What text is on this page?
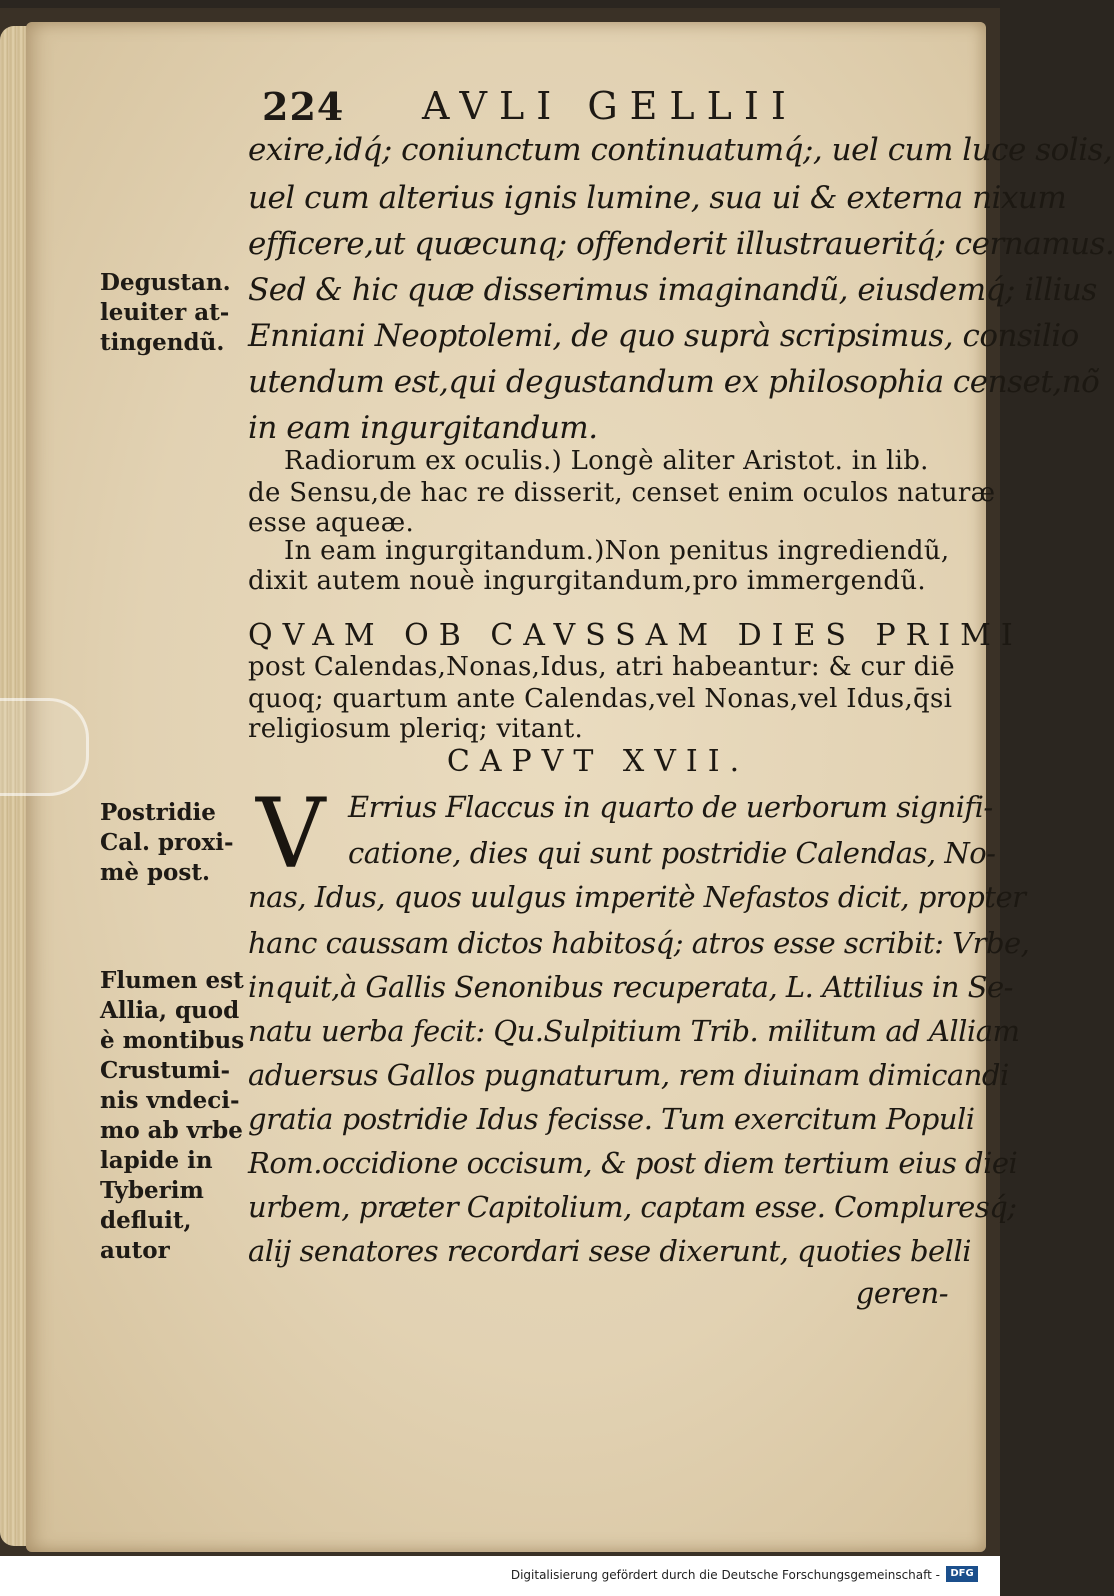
224 AVLI GELLII
exire,idq́; coniunctum continuatumq́;, uel cum luce solis,
uel cum alterius ignis lumine, sua ui & externa nixum
efficere,ut quæcunq; offenderit illustraueritq́; cernamus.
Sed & hic quæ disserimus imaginandũ, eiusdemq́; illius
Enniani Neoptolemi, de quo suprà scripsimus, consilio
utendum est,qui degustandum ex philosophia censet,nõ
in eam ingurgitandum.
Radiorum ex oculis.) Longè aliter Aristot. in lib.
de Sensu,de hac re disserit, censet enim oculos naturæ
esse aqueæ.
In eam ingurgitandum.)Non penitus ingrediendũ,
dixit autem nouè ingurgitandum,pro immergendũ.
QVAM OB CAVSSAM DIES PRIMI
post Calendas,Nonas,Idus, atri habeantur: & cur diē
quoq; quartum ante Calendas,vel Nonas,vel Idus,q̄si
religiosum pleriq; vitant.
CAPVT XVII.
V Errius Flaccus in quarto de uerborum signifi-
catione, dies qui sunt postridie Calendas, No-
nas, Idus, quos uulgus imperitè Nefastos dicit, propter
hanc caussam dictos habitosq́; atros esse scribit: Vrbe,
inquit,à Gallis Senonibus recuperata, L. Attilius in Se-
natu uerba fecit: Qu.Sulpitium Trib. militum ad Alliam
aduersus Gallos pugnaturum, rem diuinam dimicandi
gratia postridie Idus fecisse. Tum exercitum Populi
Rom.occidione occisum, & post diem tertium eius diei
urbem, præter Capitolium, captam esse. Compluresq́;
alij senatores recordari sese dixerunt, quoties belli
geren-
Degustan.
leuiter at-
tingendũ.
Postridie
Cal. proxi-
mè post.
Flumen est
Allia, quod
è montibus
Crustumi-
nis vndeci-
mo ab vrbe
lapide in
Tyberim
defluit,
autor
Digitalisierung gefördert durch die Deutsche Forschungsgemeinschaft -	DFG
